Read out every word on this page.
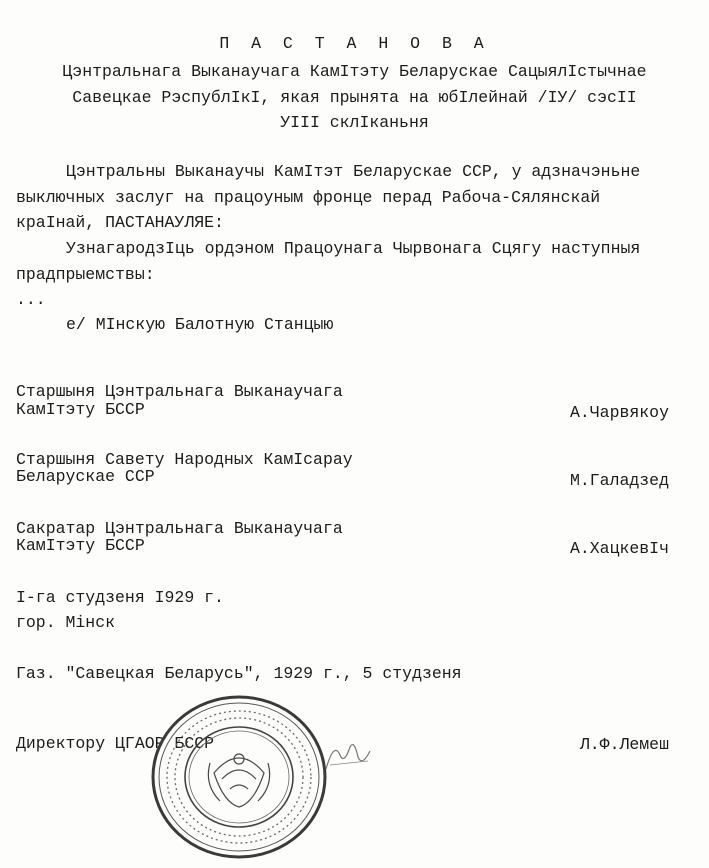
П А С Т А Н О В А
Цэнтральнага Выканаучага КамIтэту Беларускае СацыялIстычнае
Савецкае РэспублIкI, якая прынята на юбIлейнай /IУ/ сэсII
УIII склIканьня
Цэнтральны Выканаучы КамIтэт Беларускае ССР, у адзначэньне
выключных заслуг на працоуным фронце перад Рабоча-Сялянскай
краIнай, ПАСТАНАУЛЯЕ:
УзнагародзIць ордэном Працоунага Чырвонага Сцягу наступныя
прадпрыемствы:
...
е/ МIнскую Балотную Станцыю
Старшыня Цэнтральнага Выканаучага
КамIтэту БССР	А.Чарвякоу
Старшыня Савету Народных КамIсарау
Беларускае ССР	М.Галадзед
Сакратар Цэнтральнага Выканаучага
КамIтэту БССР	А.ХацкевIч
I-га студзеня I929 г.
гор. Мінск
Газ. "Савецкая Беларусь", 1929 г., 5 студзеня
Директору ЦГАОР БССР	Л.Ф.Лемеш
